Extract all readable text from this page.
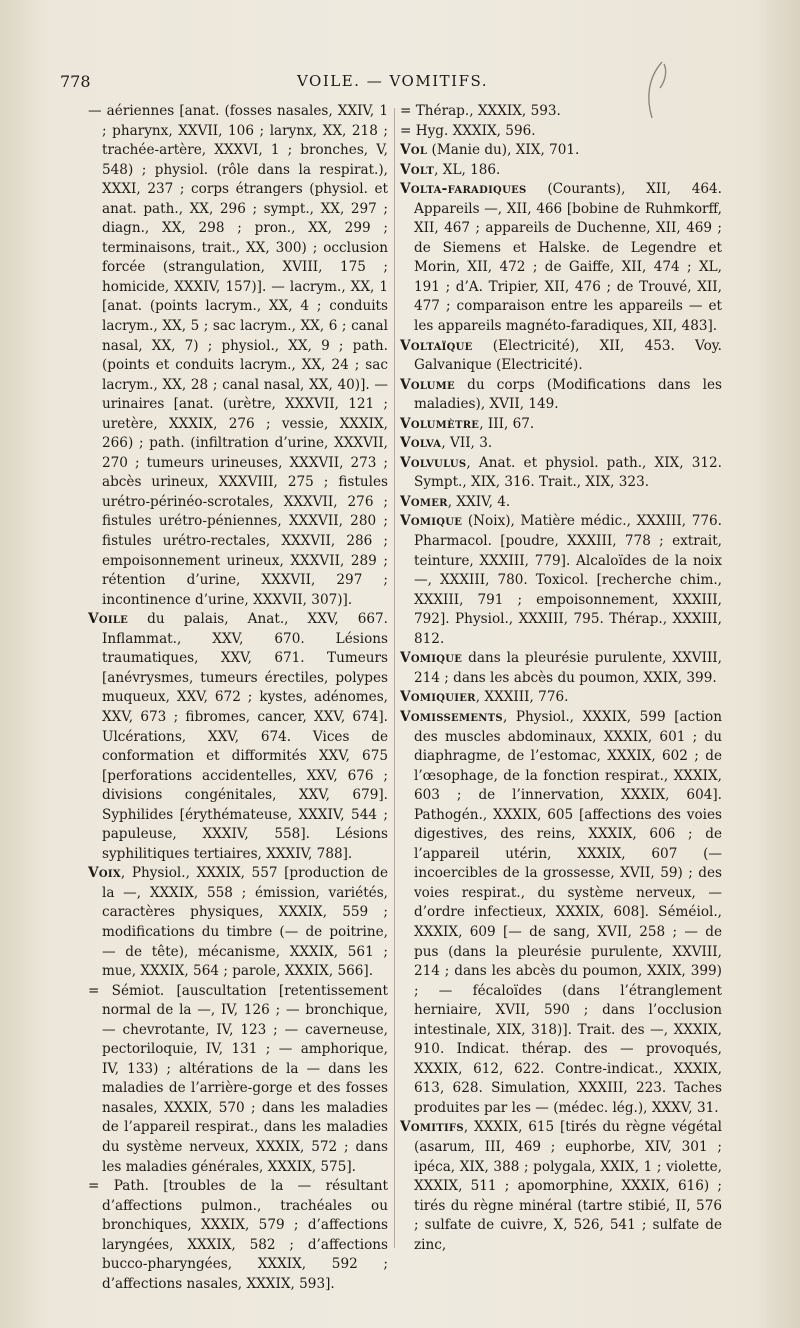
778	VOILE. — VOMITIFS.

— aériennes [anat. (fosses nasales, XXIV, 1 ; pharynx, XXVII, 106 ; larynx, XX, 218 ; trachée-artère, XXXVI, 1 ; bronches, V, 548) ; physiol. (rôle dans la respirat.), XXXI, 237 ; corps étrangers (physiol. et anat. path., XX, 296 ; sympt., XX, 297 ; diagn., XX, 298 ; pron., XX, 299 ; terminaisons, trait., XX, 300) ; occlusion forcée (strangulation, XVIII, 175 ; homicide, XXXIV, 157)]. — lacrym., XX, 1 [anat. (points lacrym., XX, 4 ; conduits lacrym., XX, 5 ; sac lacrym., XX, 6 ; canal nasal, XX, 7) ; physiol., XX, 9 ; path. (points et conduits lacrym., XX, 24 ; sac lacrym., XX, 28 ; canal nasal, XX, 40)]. — urinaires [anat. (urètre, XXXVII, 121 ; uretère, XXXIX, 276 ; vessie, XXXIX, 266) ; path. (infiltration d’urine, XXXVII, 270 ; tumeurs urineuses, XXXVII, 273 ; abcès urineux, XXXVIII, 275 ; fistules urétro-périnéo-scrotales, XXXVII, 276 ; fistules urétro-péniennes, XXXVII, 280 ; fistules urétro-rectales, XXXVII, 286 ; empoisonnement urineux, XXXVII, 289 ; rétention d’urine, XXXVII, 297 ; incontinence d’urine, XXXVII, 307)].

Voile du palais, Anat., XXV, 667. Inflammat., XXV, 670. Lésions traumatiques, XXV, 671. Tumeurs [anévrysmes, tumeurs érectiles, polypes muqueux, XXV, 672 ; kystes, adénomes, XXV, 673 ; fibromes, cancer, XXV, 674]. Ulcérations, XXV, 674. Vices de conformation et difformités XXV, 675 [perforations accidentelles, XXV, 676 ; divisions congénitales, XXV, 679]. Syphilides [érythémateuse, XXXIV, 544 ; papuleuse, XXXIV, 558]. Lésions syphilitiques tertiaires, XXXIV, 788].

Voix, Physiol., XXXIX, 557 [production de la —, XXXIX, 558 ; émission, variétés, caractères physiques, XXXIX, 559 ; modifications du timbre (— de poitrine, — de tête), mécanisme, XXXIX, 561 ; mue, XXXIX, 564 ; parole, XXXIX, 566].

= Sémiot. [auscultation [retentissement normal de la —, IV, 126 ; — bronchique, — chevrotante, IV, 123 ; — caverneuse, pectoriloquie, IV, 131 ; — amphorique, IV, 133) ; altérations de la — dans les maladies de l’arrière-gorge et des fosses nasales, XXXIX, 570 ; dans les maladies de l’appareil respirat., dans les maladies du système nerveux, XXXIX, 572 ; dans les maladies générales, XXXIX, 575].

= Path. [troubles de la — résultant d’affections pulmon., trachéales ou bronchiques, XXXIX, 579 ; d’affections laryngées, XXXIX, 582 ; d’affections bucco-pharyngées, XXXIX, 592 ; d’affections nasales, XXXIX, 593].

= Thérap., XXXIX, 593.

= Hyg. XXXIX, 596.

Vol (Manie du), XIX, 701.

Volt, XL, 186.

Volta-faradiques (Courants), XII, 464. Appareils —, XII, 466 [bobine de Ruhmkorff, XII, 467 ; appareils de Duchenne, XII, 469 ; de Siemens et Halske. de Legendre et Morin, XII, 472 ; de Gaiffe, XII, 474 ; XL, 191 ; d’A. Tripier, XII, 476 ; de Trouvé, XII, 477 ; comparaison entre les appareils — et les appareils magnéto-faradiques, XII, 483].

Voltaïque (Electricité), XII, 453. Voy. Galvanique (Electricité).

Volume du corps (Modifications dans les maladies), XVII, 149.

Volumètre, III, 67.

Volva, VII, 3.

Volvulus, Anat. et physiol. path., XIX, 312. Sympt., XIX, 316. Trait., XIX, 323.

Vomer, XXIV, 4.

Vomique (Noix), Matière médic., XXXIII, 776. Pharmacol. [poudre, XXXIII, 778 ; extrait, teinture, XXXIII, 779]. Alcaloïdes de la noix —, XXXIII, 780. Toxicol. [recherche chim., XXXIII, 791 ; empoisonnement, XXXIII, 792]. Physiol., XXXIII, 795. Thérap., XXXIII, 812.

Vomique dans la pleurésie purulente, XXVIII, 214 ; dans les abcès du poumon, XXIX, 399.

Vomiquier, XXXIII, 776.

Vomissements, Physiol., XXXIX, 599 [action des muscles abdominaux, XXXIX, 601 ; du diaphragme, de l’estomac, XXXIX, 602 ; de l’œsophage, de la fonction respirat., XXXIX, 603 ; de l’innervation, XXXIX, 604]. Pathogén., XXXIX, 605 [affections des voies digestives, des reins, XXXIX, 606 ; de l’appareil utérin, XXXIX, 607 (— incoercibles de la grossesse, XVII, 59) ; des voies respirat., du système nerveux, — d’ordre infectieux, XXXIX, 608]. Séméiol., XXXIX, 609 [— de sang, XVII, 258 ; — de pus (dans la pleurésie purulente, XXVIII, 214 ; dans les abcès du poumon, XXIX, 399) ; — fécaloïdes (dans l’étranglement herniaire, XVII, 590 ; dans l’occlusion intestinale, XIX, 318)]. Trait. des —, XXXIX, 910. Indicat. thérap. des — provoqués, XXXIX, 612, 622. Contre-indicat., XXXIX, 613, 628. Simulation, XXXIII, 223. Taches produites par les — (médec. lég.), XXXV, 31.

Vomitifs, XXXIX, 615 [tirés du règne végétal (asarum, III, 469 ; euphorbe, XIV, 301 ; ipéca, XIX, 388 ; polygala, XXIX, 1 ; violette, XXXIX, 511 ; apomorphine, XXXIX, 616) ; tirés du règne minéral (tartre stibié, II, 576 ; sulfate de cuivre, X, 526, 541 ; sulfate de zinc,
